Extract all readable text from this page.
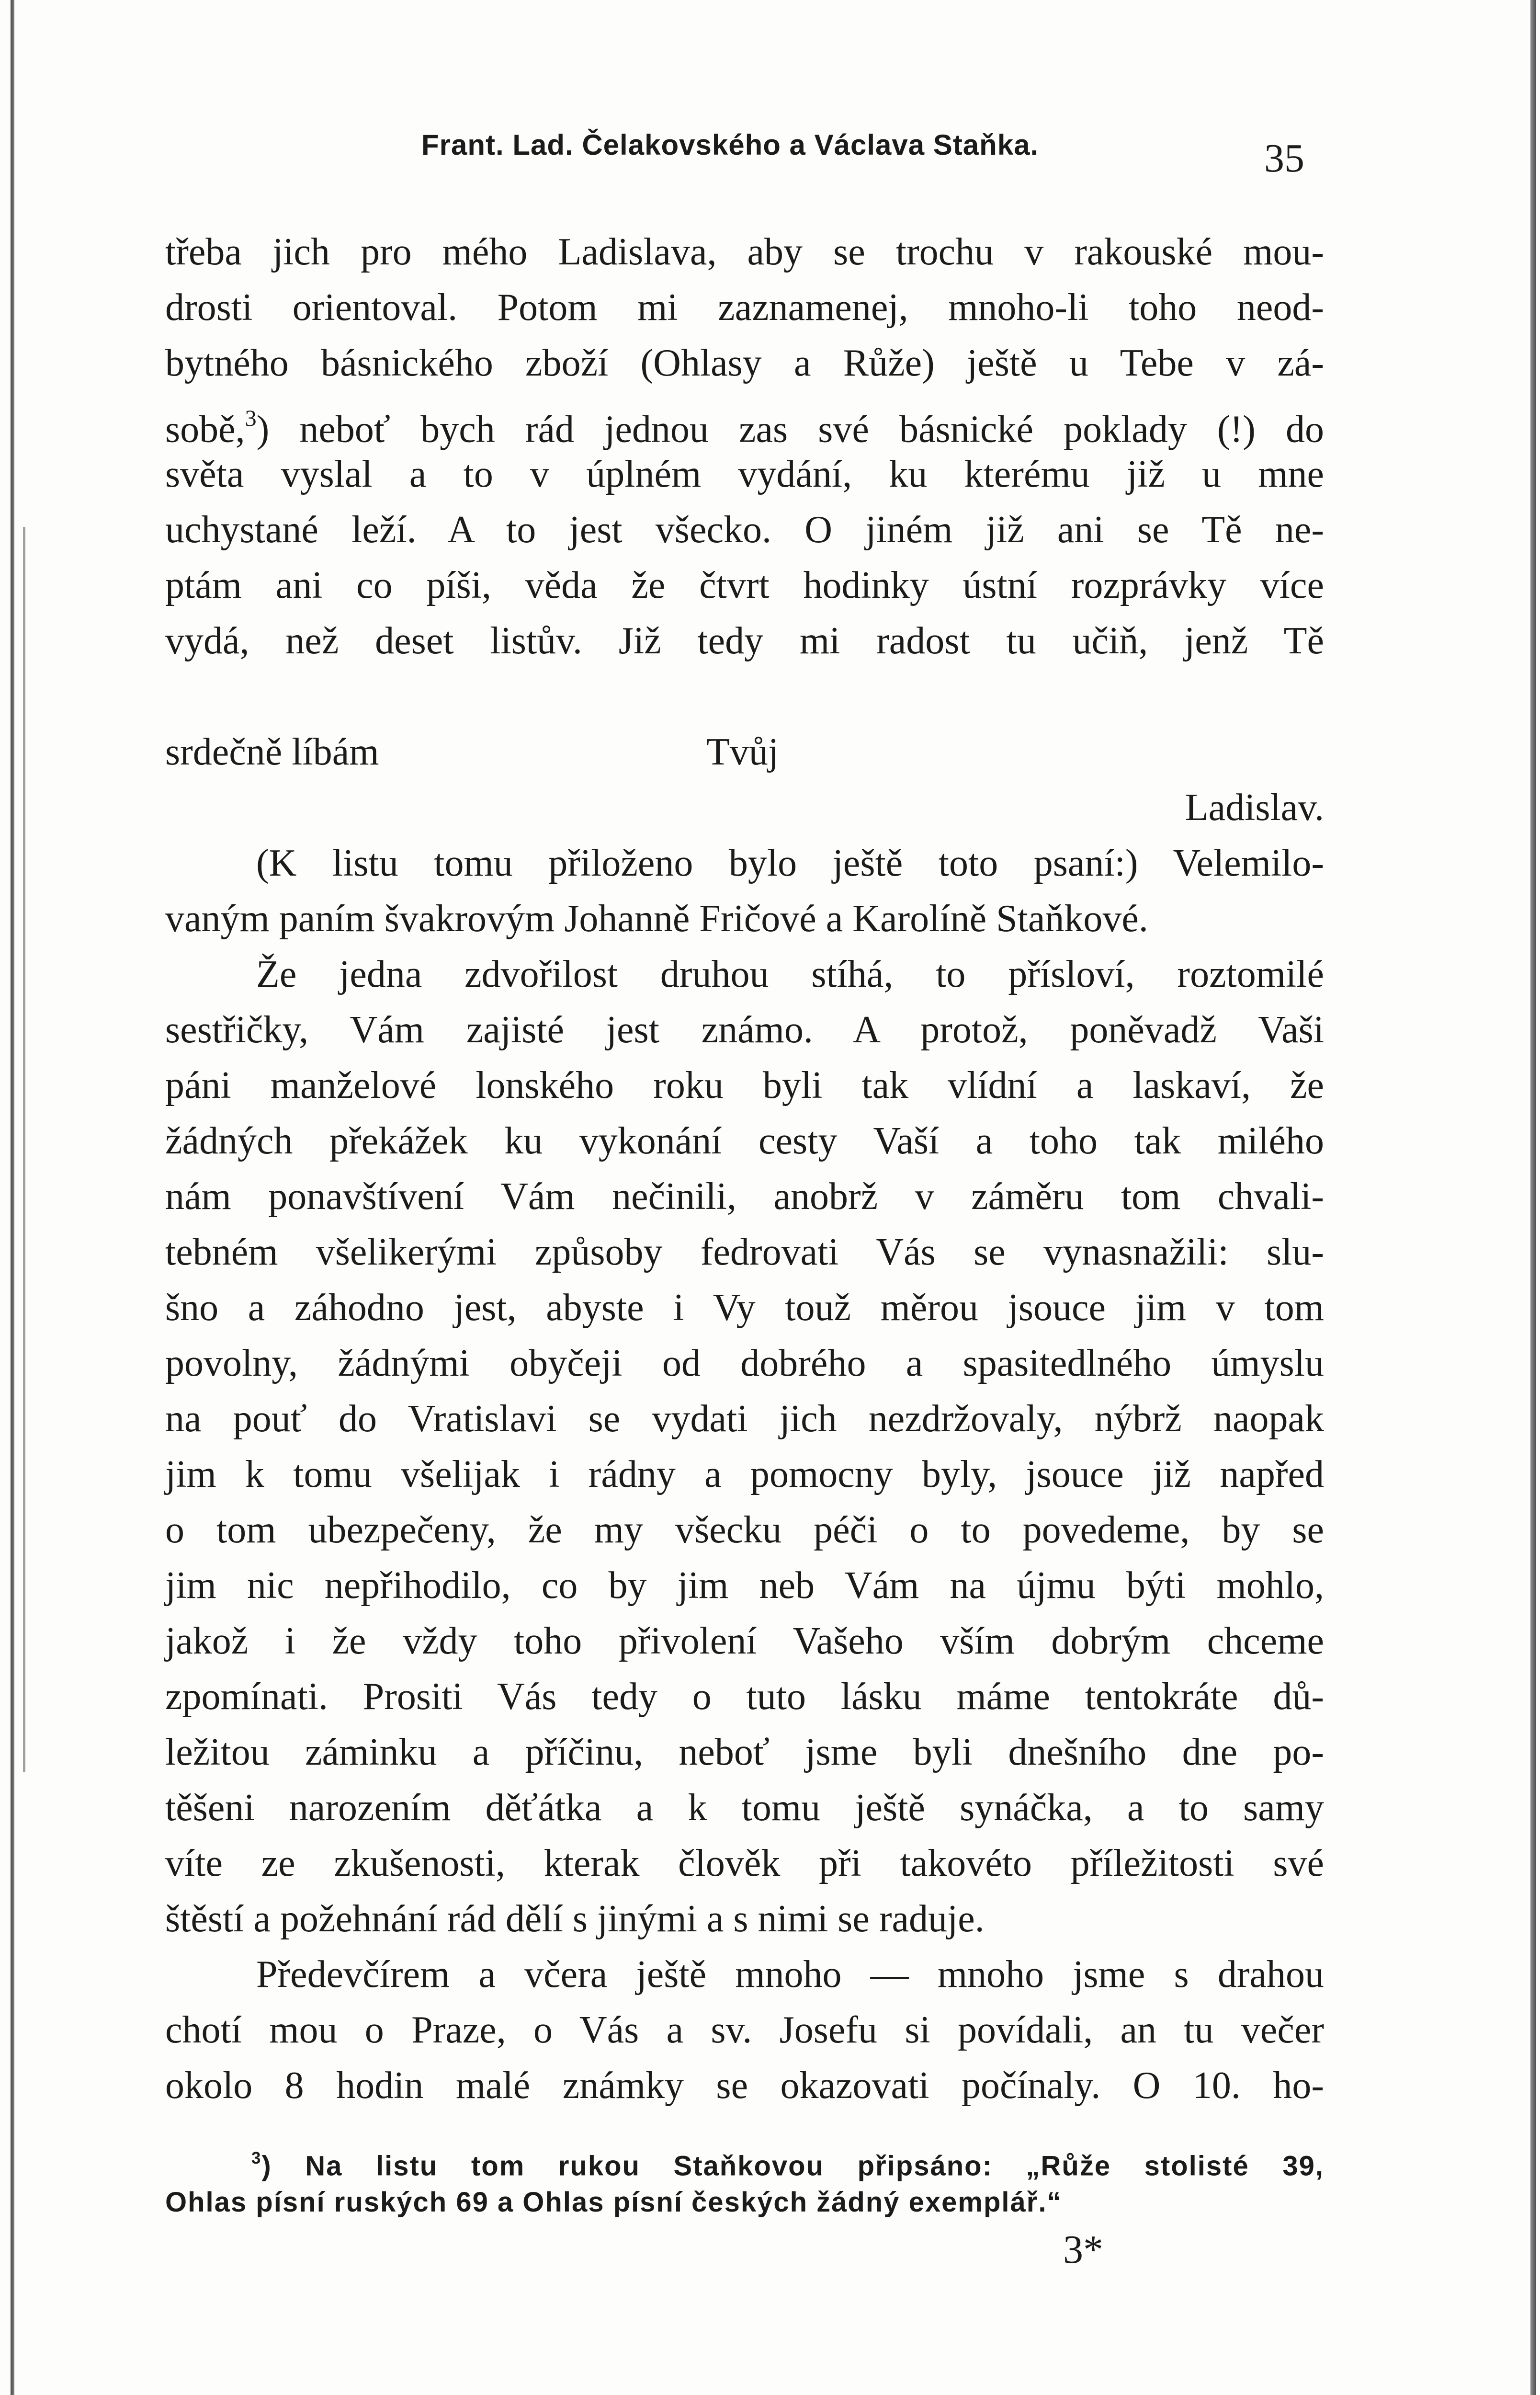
Frant. Lad. Čelakovského a Václava Staňka.	35
třeba jich pro mého Ladislava, aby se trochu v rakouské mou-
drosti orientoval. Potom mi zaznamenej, mnoho-li toho neod-
bytného básnického zboží (Ohlasy a Růže) ještě u Tebe v zá-
sobě,$^3$) neboť bych rád jednou zas své básnické poklady (!) do
světa vyslal a to v úplném vydání, ku kterému již u mne
uchystané leží. A to jest všecko. O jiném již ani se Tě ne-
ptám ani co píši, věda že čtvrt hodinky ústní rozprávky více
vydá, než deset listův. Již tedy mi radost tu učiň, jenž Tě
srdečně líbám	Tvůj
Ladislav.
(K listu tomu přiloženo bylo ještě toto psaní:) Velemilo-
vaným paním švakrovým Johanně Fričové a Karolíně Staňkové.
Že jedna zdvořilost druhou stíhá, to přísloví, roztomilé
sestřičky, Vám zajisté jest známo. A protož, poněvadž Vaši
páni manželové lonského roku byli tak vlídní a laskaví, že
žádných překážek ku vykonání cesty Vaší a toho tak milého
nám ponavštívení Vám nečinili, anobrž v záměru tom chvali-
tebném všelikerými způsoby fedrovati Vás se vynasnažili: slu-
šno a záhodno jest, abyste i Vy touž měrou jsouce jim v tom
povolny, žádnými obyčeji od dobrého a spasitedlného úmyslu
na pouť do Vratislavi se vydati jich nezdržovaly, nýbrž naopak
jim k tomu všelijak i rádny a pomocny byly, jsouce již napřed
o tom ubezpečeny, že my všecku péči o to povedeme, by se
jim nic nepřihodilo, co by jim neb Vám na újmu býti mohlo,
jakož i že vždy toho přivolení Vašeho vším dobrým chceme
zpomínati. Prositi Vás tedy o tuto lásku máme tentokráte dů-
ležitou záminku a příčinu, neboť jsme byli dnešního dne po-
těšeni narozením děťátka a k tomu ještě synáčka, a to samy
víte ze zkušenosti, kterak člověk při takovéto příležitosti své
štěstí a požehnání rád dělí s jinými a s nimi se raduje.
Předevčírem a včera ještě mnoho — mnoho jsme s drahou
chotí mou o Praze, o Vás a sv. Josefu si povídali, an tu večer
okolo 8 hodin malé známky se okazovati počínaly. O 10. ho-
$^3$) Na listu tom rukou Staňkovou připsáno: „Růže stolisté 39,
Ohlas písní ruských 69 a Ohlas písní českých žádný exemplář.“
3*
